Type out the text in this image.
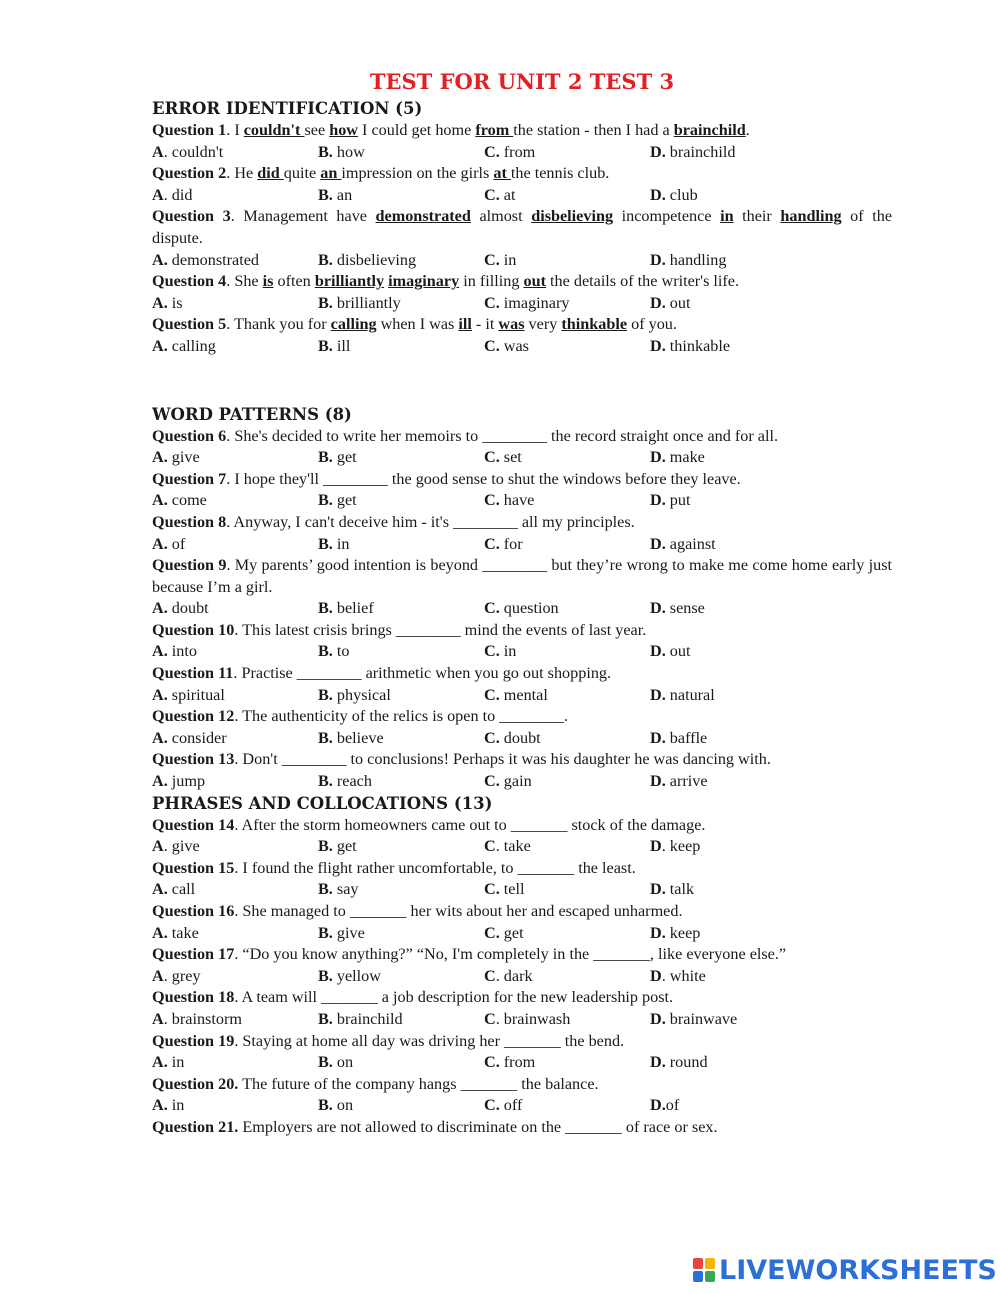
TEST FOR UNIT 2 TEST 3
ERROR IDENTIFICATION (5)
Question 1. I couldn't see how I could get home from the station - then I had a brainchild.
A. couldn't	B. how	C. from	D. brainchild
Question 2. He did quite an impression on the girls at the tennis club.
A. did	B. an	C. at	D. club
Question 3. Management have demonstrated almost disbelieving incompetence in their handling of the dispute.
A. demonstrated	B. disbelieving	C. in	D. handling
Question 4. She is often brilliantly imaginary in filling out the details of the writer's life.
A. is	B. brilliantly	C. imaginary	D. out
Question 5. Thank you for calling when I was ill - it was very thinkable of you.
A. calling	B. ill	C. was	D. thinkable
WORD PATTERNS (8)
Question 6. She's decided to write her memoirs to ________ the record straight once and for all.
A. give	B. get	C. set	D. make
Question 7. I hope they'll ________ the good sense to shut the windows before they leave.
A. come	B. get	C. have	D. put
Question 8. Anyway, I can't deceive him - it's ________ all my principles.
A. of	B. in	C. for	D. against
Question 9. My parents’ good intention is beyond ________ but they’re wrong to make me come home early just because I’m a girl.
A. doubt	B. belief	C. question	D. sense
Question 10. This latest crisis brings ________ mind the events of last year.
A. into	B. to	C. in	D. out
Question 11. Practise ________ arithmetic when you go out shopping.
A. spiritual	B. physical	C. mental	D. natural
Question 12. The authenticity of the relics is open to ________.
A. consider	B. believe	C. doubt	D. baffle
Question 13. Don't ________ to conclusions! Perhaps it was his daughter he was dancing with.
A. jump	B. reach	C. gain	D. arrive
PHRASES AND COLLOCATIONS (13)
Question 14. After the storm homeowners came out to _______ stock of the damage.
A. give	B. get	C. take	D. keep
Question 15. I found the flight rather uncomfortable, to _______ the least.
A. call	B. say	C. tell	D. talk
Question 16. She managed to _______ her wits about her and escaped unharmed.
A. take	B. give	C. get	D. keep
Question 17. “Do you know anything?” “No, I'm completely in the _______, like everyone else.”
A. grey	B. yellow	C. dark	D. white
Question 18. A team will _______ a job description for the new leadership post.
A. brainstorm	B. brainchild	C. brainwash	D. brainwave
Question 19. Staying at home all day was driving her _______ the bend.
A. in	B. on	C. from	D. round
Question 20. The future of the company hangs _______ the balance.
A. in	B. on	C. off	D.of
Question 21. Employers are not allowed to discriminate on the _______ of race or sex.
LIVEWORKSHEETS
